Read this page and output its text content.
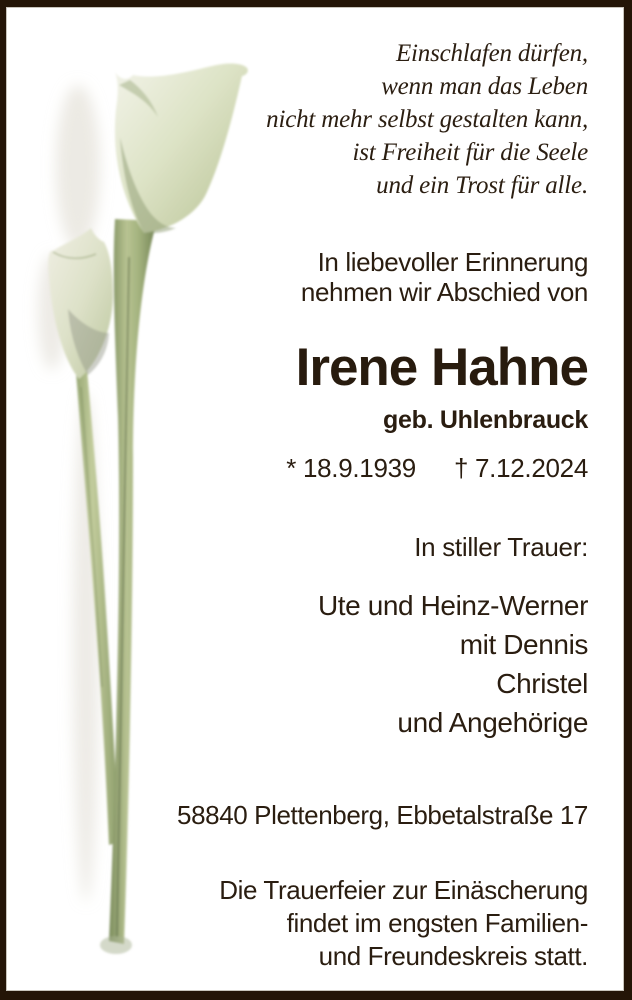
Einschlafen dürfen,
wenn man das Leben
nicht mehr selbst gestalten kann,
ist Freiheit für die Seele
und ein Trost für alle.
In liebevoller Erinnerung
nehmen wir Abschied von
Irene Hahne
geb. Uhlenbrauck
* 18.9.1939 † 7.12.2024
In stiller Trauer:
Ute und Heinz-Werner
mit Dennis
Christel
und Angehörige
58840 Plettenberg, Ebbetalstraße 17
Die Trauerfeier zur Einäscherung
findet im engsten Familien-
und Freundeskreis statt.
